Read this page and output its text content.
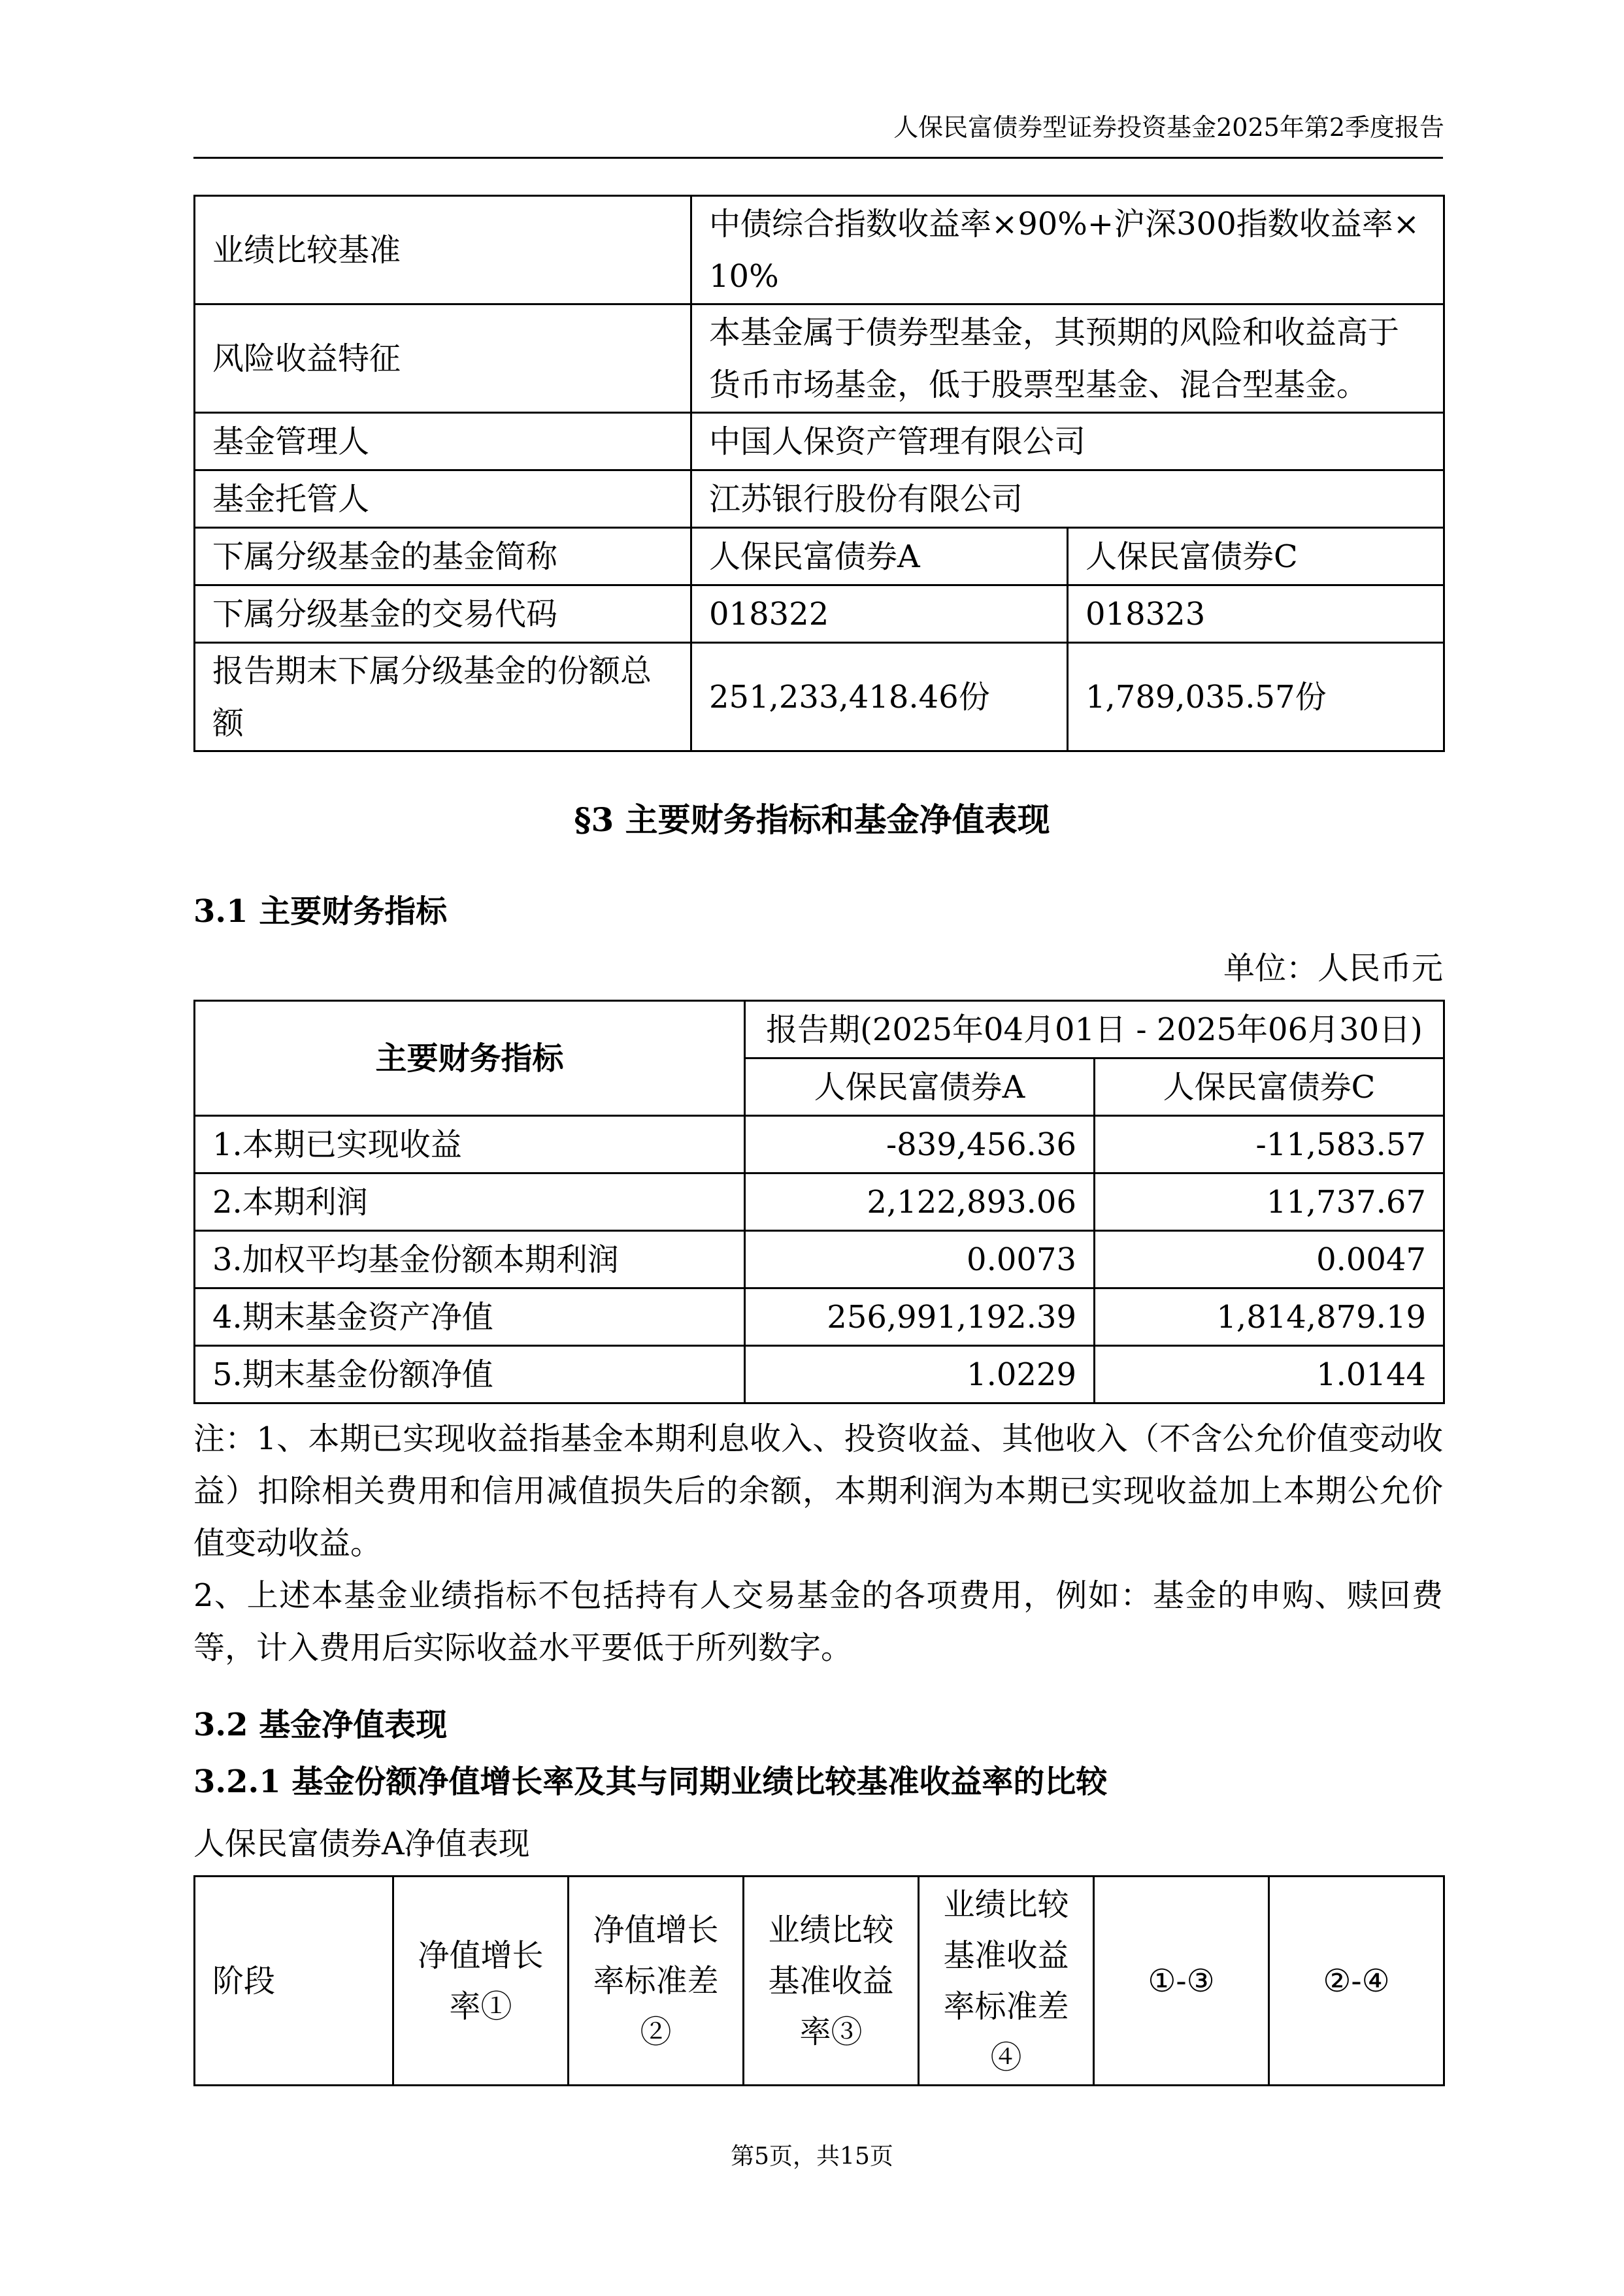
人保民富债券型证券投资基金2025年第2季度报告
业绩比较基准	中债综合指数收益率×90%+沪深300指数收益率×10%	
风险收益特征	本基金属于债券型基金，其预期的风险和收益高于货币市场基金，低于股票型基金、混合型基金。	
基金管理人	中国人保资产管理有限公司	
基金托管人	江苏银行股份有限公司	
下属分级基金的基金简称	人保民富债券A	人保民富债券C
下属分级基金的交易代码	018322	018323
报告期末下属分级基金的份额总额	251,233,418.46份	1,789,035.57份
§3 主要财务指标和基金净值表现
3.1 主要财务指标
单位：人民币元
主要财务指标	报告期(2025年04月01日 - 2025年06月30日)	
	人保民富债券A	人保民富债券C
1.本期已实现收益	-839,456.36	-11,583.57
2.本期利润	2,122,893.06	11,737.67
3.加权平均基金份额本期利润	0.0073	0.0047
4.期末基金资产净值	256,991,192.39	1,814,879.19
5.期末基金份额净值	1.0229	1.0144

注：1、本期已实现收益指基金本期利息收入、投资收益、其他收入（不含公允价值变动收益）扣除相关费用和信用减值损失后的余额，本期利润为本期已实现收益加上本期公允价值变动收益。

2、上述本基金业绩指标不包括持有人交易基金的各项费用，例如：基金的申购、赎回费等，计入费用后实际收益水平要低于所列数字。

3.2 基金净值表现
3.2.1 基金份额净值增长率及其与同期业绩比较基准收益率的比较
人保民富债券A净值表现
阶段	净值增长率①	净值增长率标准差②	业绩比较基准收益率③	业绩比较基准收益率标准差④	①-③	②-④
第5页，共15页
